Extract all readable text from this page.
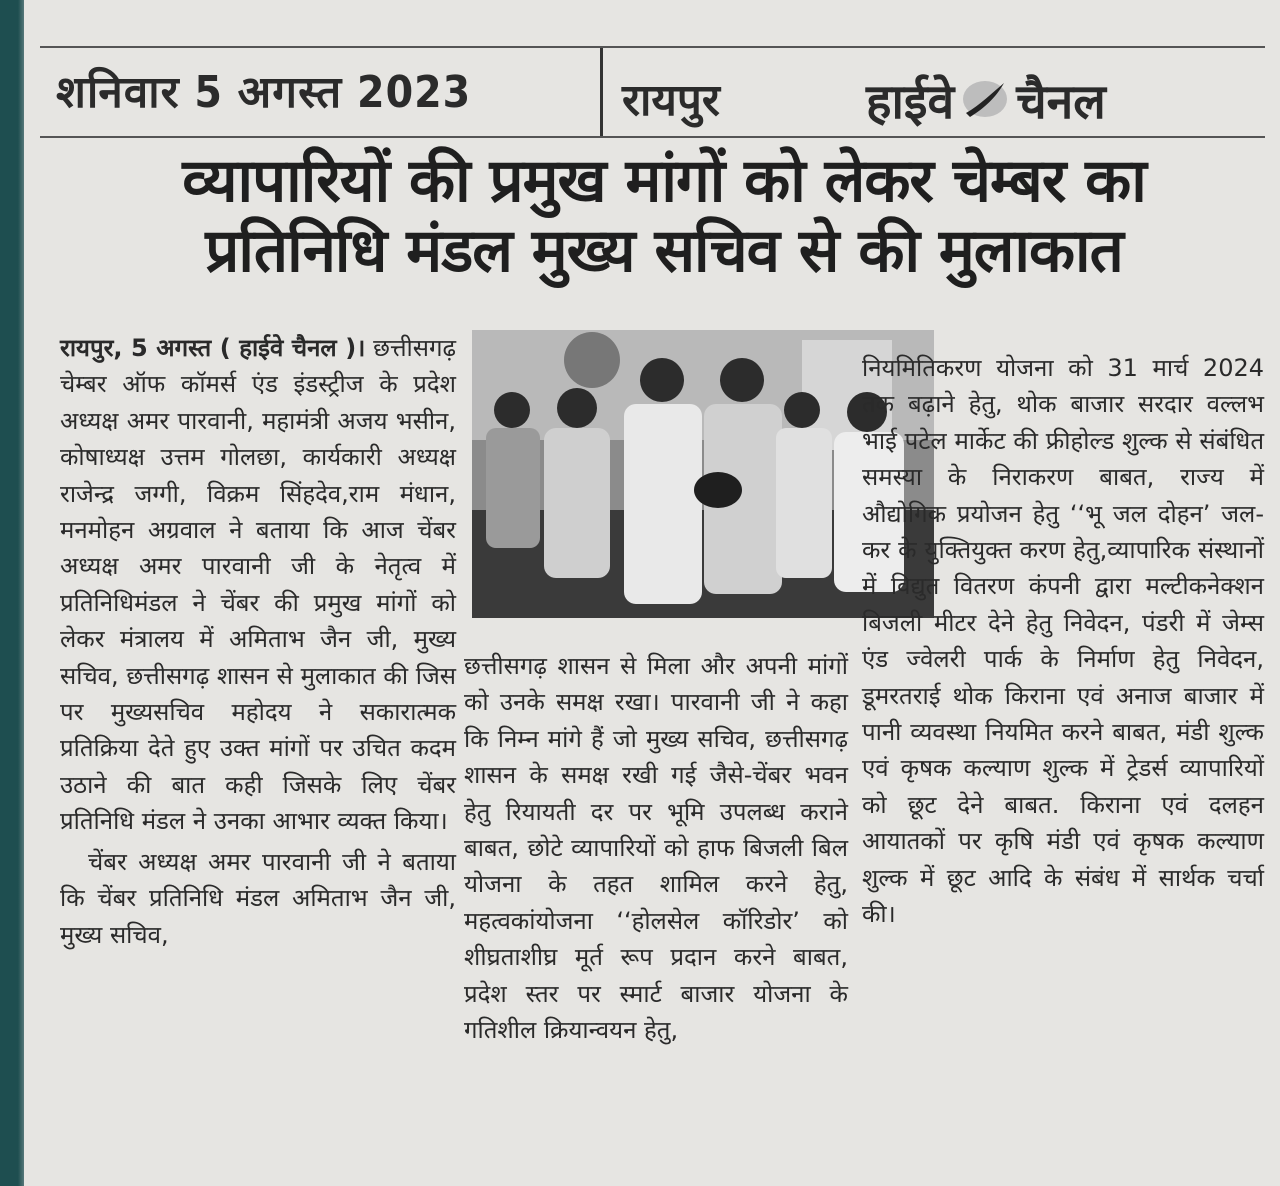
शनिवार 5 अगस्त 2023	रायपुर	हाईवे चैनल
व्यापारियों की प्रमुख मांगों को लेकर चेम्बर का
प्रतिनिधि मंडल मुख्य सचिव से की मुलाकात

रायपुर, 5 अगस्त ( हाईवे चैनल )। छत्तीसगढ़ चेम्बर ऑफ कॉमर्स एंड इंडस्ट्रीज के प्रदेश अध्यक्ष अमर पारवानी, महामंत्री अजय भसीन, कोषाध्यक्ष उत्तम गोलछा, कार्यकारी अध्यक्ष राजेन्द्र जग्गी, विक्रम सिंहदेव,राम मंधान, मनमोहन अग्रवाल ने बताया कि आज चेंबर अध्यक्ष अमर पारवानी जी के नेतृत्व में प्रतिनिधिमंडल ने चेंबर की प्रमुख मांगों को लेकर मंत्रालय में अमिताभ जैन जी, मुख्य सचिव, छत्तीसगढ़ शासन से मुलाकात की जिस पर मुख्यसचिव महोदय ने सकारात्मक प्रतिक्रिया देते हुए उक्त मांगों पर उचित कदम उठाने की बात कही जिसके लिए चेंबर प्रतिनिधि मंडल ने उनका आभार व्यक्त किया।

चेंबर अध्यक्ष अमर पारवानी जी ने बताया कि चेंबर प्रतिनिधि मंडल अमिताभ जैन जी, मुख्य सचिव,

छत्तीसगढ़ शासन से मिला और अपनी मांगों को उनके समक्ष रखा। पारवानी जी ने कहा कि निम्न मांगे हैं जो मुख्य सचिव, छत्तीसगढ़ शासन के समक्ष रखी गई जैसे-चेंबर भवन हेतु रियायती दर पर भूमि उपलब्ध कराने बाबत, छोटे व्यापारियों को हाफ बिजली बिल योजना के तहत शामिल करने हेतु, महत्वकांयोजना ‘‘होलसेल कॉरिडोर’ को शीघ्रताशीघ्र मूर्त रूप प्रदान करने बाबत, प्रदेश स्तर पर स्मार्ट बाजार योजना के गतिशील क्रियान्वयन हेतु,

नियमितिकरण योजना को 31 मार्च 2024 तक बढ़ाने हेतु, थोक बाजार सरदार वल्लभ भाई पटेल मार्केट की फ्रीहोल्ड शुल्क से संबंधित समस्या के निराकरण बाबत, राज्य में औद्योगिक प्रयोजन हेतु ‘‘भू जल दोहन’ जल-कर के युक्तियुक्त करण हेतु,व्यापारिक संस्थानों में विद्युत वितरण कंपनी द्वारा मल्टीकनेक्शन बिजली मीटर देने हेतु निवेदन, पंडरी में जेम्स एंड ज्वेलरी पार्क के निर्माण हेतु निवेदन, डूमरतराई थोक किराना एवं अनाज बाजार में पानी व्यवस्था नियमित करने बाबत, मंडी शुल्क एवं कृषक कल्याण शुल्क में ट्रेडर्स व्यापारियों को छूट देने बाबत. किराना एवं दलहन आयातकों पर कृषि मंडी एवं कृषक कल्याण शुल्क में छूट आदि के संबंध में सार्थक चर्चा की।
